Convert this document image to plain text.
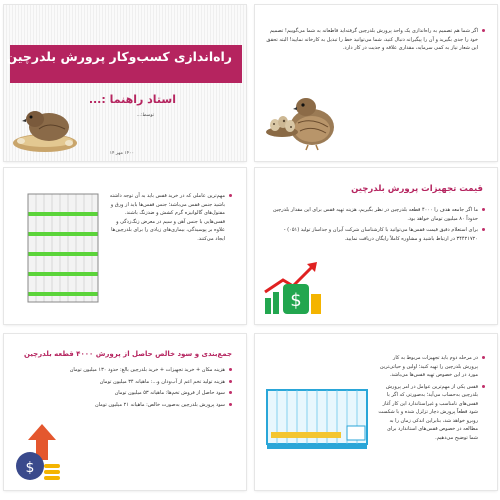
راه‌اندازی کسب‌وکار پرورش بلدرچین
استاد راهنما :...
توسط:...
۱۴۰۰ مهر ۱۴
اگر شما هم تصمیم به راه‌اندازی یک واحد پرورش بلدرچین گرفته‌اید قاطعانه به شما می‌گوییم! تصمیم خود را جدی بگیرید و آن را پیگیرانه دنبال کنید، شما می‌توانید خط را تبدیل به کارخانه نمایید! البته تحقق این شعار نیاز به کمی سرمایه، مقداری علاقه و جدیت در کار دارد.
مهم‌ترین عاملی که در خرید قفس باید به آن توجه داشته باشید جنس قفس می‌باشد؛ جنس قفس‌ها باید از ورق و مفتول‌های گالوانیزه گرم کشش و ضدزنگ باشند. قفس‌هایی با جنس آهن و سیم در معرض زنگ‌زدگی و علاوه بر پوسیدگی، بیماری‌های زیادی را برای بلدرچین‌ها ایجاد می‌کنند.
قیمت تجهیزات پرورش بلدرچین
ما اگر جامعه هدف را ۴۰۰۰ قطعه بلدرچین در نظر بگیریم، هزینه تهیه قفس برای این مقدار بلدرچین حدوداً ۸۰ میلیون تومان خواهد بود.
برای استعلام دقیق قیمت قفس‌ها می‌توانید با کارشناسان شرکت آیران و جداساز تولید (۰۵۱) - ۳۴۴۲۱۷۲۰ در ارتباط باشید و مشاوره کاملاً رایگان دریافت نمایید.
$
جمع‌بندی و سود خالص حاصل از پرورش ۴۰۰۰ قطعه بلدرچین
هزینه مکان + خرید تجهیزات + خرید بلدرچین بالغ: حدود ۱۳۰ میلیون تومان
هزینه تولید تخم اعم از آب‌ودان و...: ماهیانه ۳۴ میلیون تومان
سود حاصل از فروش تخم‌ها: ماهیانه ۵۳ میلیون تومان
سود پرورش بلدرچین به‌صورت خالص: ماهیانه ۲۱ میلیون تومان
$
در مرحله دوم باید تجهیزات مربوط به کار پرورش بلدرچین را تهیه کنید؛ اولین و حیاتی‌ترین مورد در این خصوص تهیه قفس‌ها می‌باشد.
قفس یکی از مهم‌ترین عوامل در امر پرورش بلدرچین به‌حساب می‌آید؛ به‌صورتی که اگر با قفس‌های نامناسب و غیراستاندارد این کار آغاز شود قطعاً پرورش دچار تزلزل شده و با شکست روبرو خواهد شد، بنابراین اندکی زمان را به مطالعه در خصوص قفس‌های استاندارد برای شما توضیح می‌دهیم.
